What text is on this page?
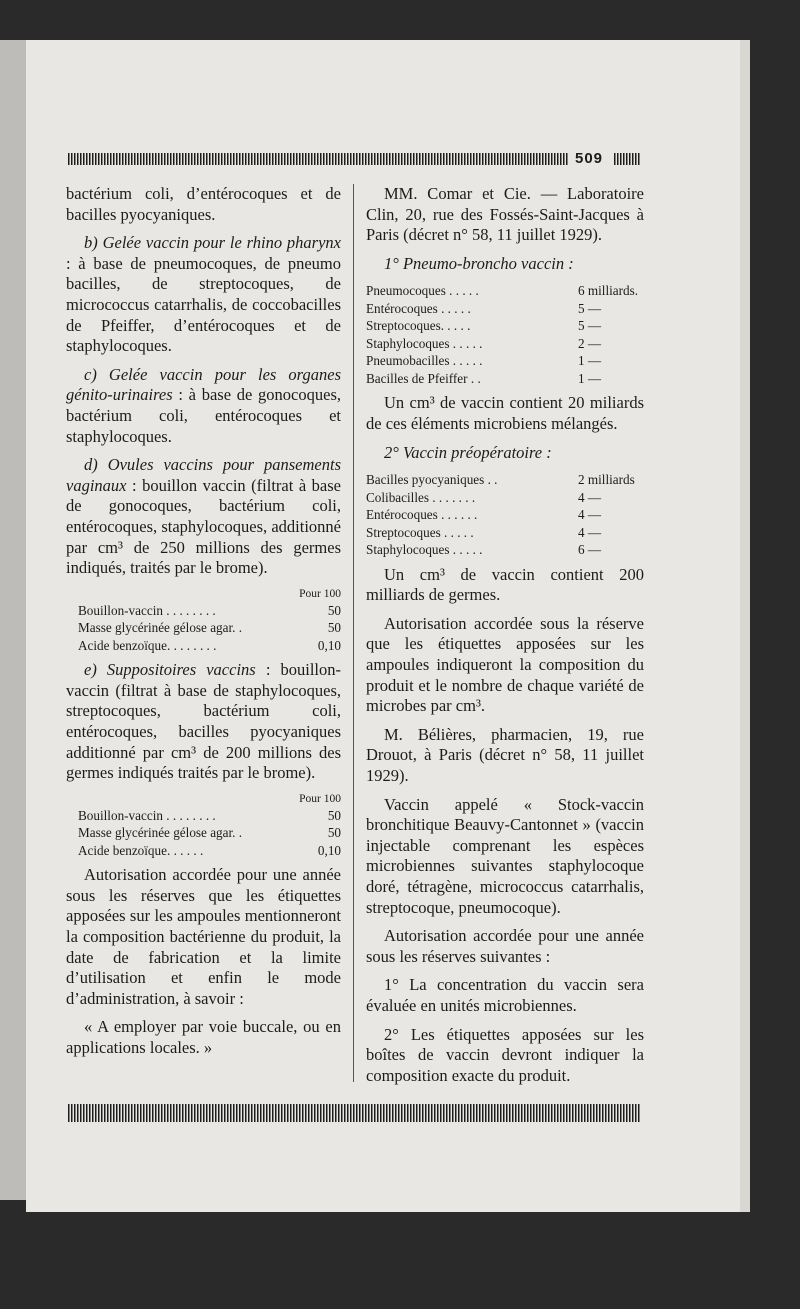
509

bactérium coli, d’entérocoques et de bacilles pyocyaniques.

b) Gelée vaccin pour le rhino pharynx : à base de pneumocoques, de pneumo bacilles, de streptocoques, de micrococcus catarrhalis, de coccobacilles de Pfeiffer, d’entérocoques et de staphylocoques.

c) Gelée vaccin pour les organes génito-urinaires : à base de gonocoques, bactérium coli, entérocoques et staphylocoques.

d) Ovules vaccins pour pansements vaginaux : bouillon vaccin (filtrat à base de gonocoques, bactérium coli, entérocoques, staphylocoques, additionné par cm³ de 250 millions des germes indiqués, traités par le brome).

Pour 100
Bouillon-vaccin . . . . . . . .	50
Masse glycérinée gélose agar. .	50
Acide benzoïque. . . . . . . .	0,10

e) Suppositoires vaccins : bouillon-vaccin (filtrat à base de staphylocoques, streptocoques, bactérium coli, entérocoques, bacilles pyocyaniques additionné par cm³ de 200 millions des germes indiqués traités par le brome).

Pour 100
Bouillon-vaccin . . . . . . . .	50
Masse glycérinée gélose agar. .	50
Acide benzoïque. . . . . .	0,10

Autorisation accordée pour une année sous les réserves que les étiquettes apposées sur les ampoules mentionneront la composition bactérienne du produit, la date de fabrication et la limite d’utilisation et enfin le mode d’administration, à savoir :

« A employer par voie buccale, ou en applications locales. »

MM. Comar et Cie. — Laboratoire Clin, 20, rue des Fossés-Saint-Jacques à Paris (décret n° 58, 11 juillet 1929).

1° Pneumo-broncho vaccin :

Pneumocoques . . . . .	6 milliards.
Entérocoques . . . . .	5 —
Streptocoques. . . . .	5 —
Staphylocoques . . . . .	2 —
Pneumobacilles . . . . .	1 —
Bacilles de Pfeiffer . .	1 —

Un cm³ de vaccin contient 20 miliards de ces éléments microbiens mélangés.

2° Vaccin préopératoire :

Bacilles pyocyaniques . .	2 milliards
Colibacilles . . . . . . .	4 —
Entérocoques . . . . . .	4 —
Streptocoques . . . . .	4 —
Staphylocoques . . . . .	6 —

Un cm³ de vaccin contient 200 milliards de germes.

Autorisation accordée sous la réserve que les étiquettes apposées sur les ampoules indiqueront la composition du produit et le nombre de chaque variété de microbes par cm³.

M. Bélières, pharmacien, 19, rue Drouot, à Paris (décret n° 58, 11 juillet 1929).

Vaccin appelé « Stock-vaccin bronchitique Beauvy-Cantonnet » (vaccin injectable comprenant les espèces microbiennes suivantes staphylocoque doré, tétragène, micrococcus catarrhalis, streptocoque, pneumocoque).

Autorisation accordée pour une année sous les réserves suivantes :

1° La concentration du vaccin sera évaluée en unités microbiennes.

2° Les étiquettes apposées sur les boîtes de vaccin devront indiquer la composition exacte du produit.
